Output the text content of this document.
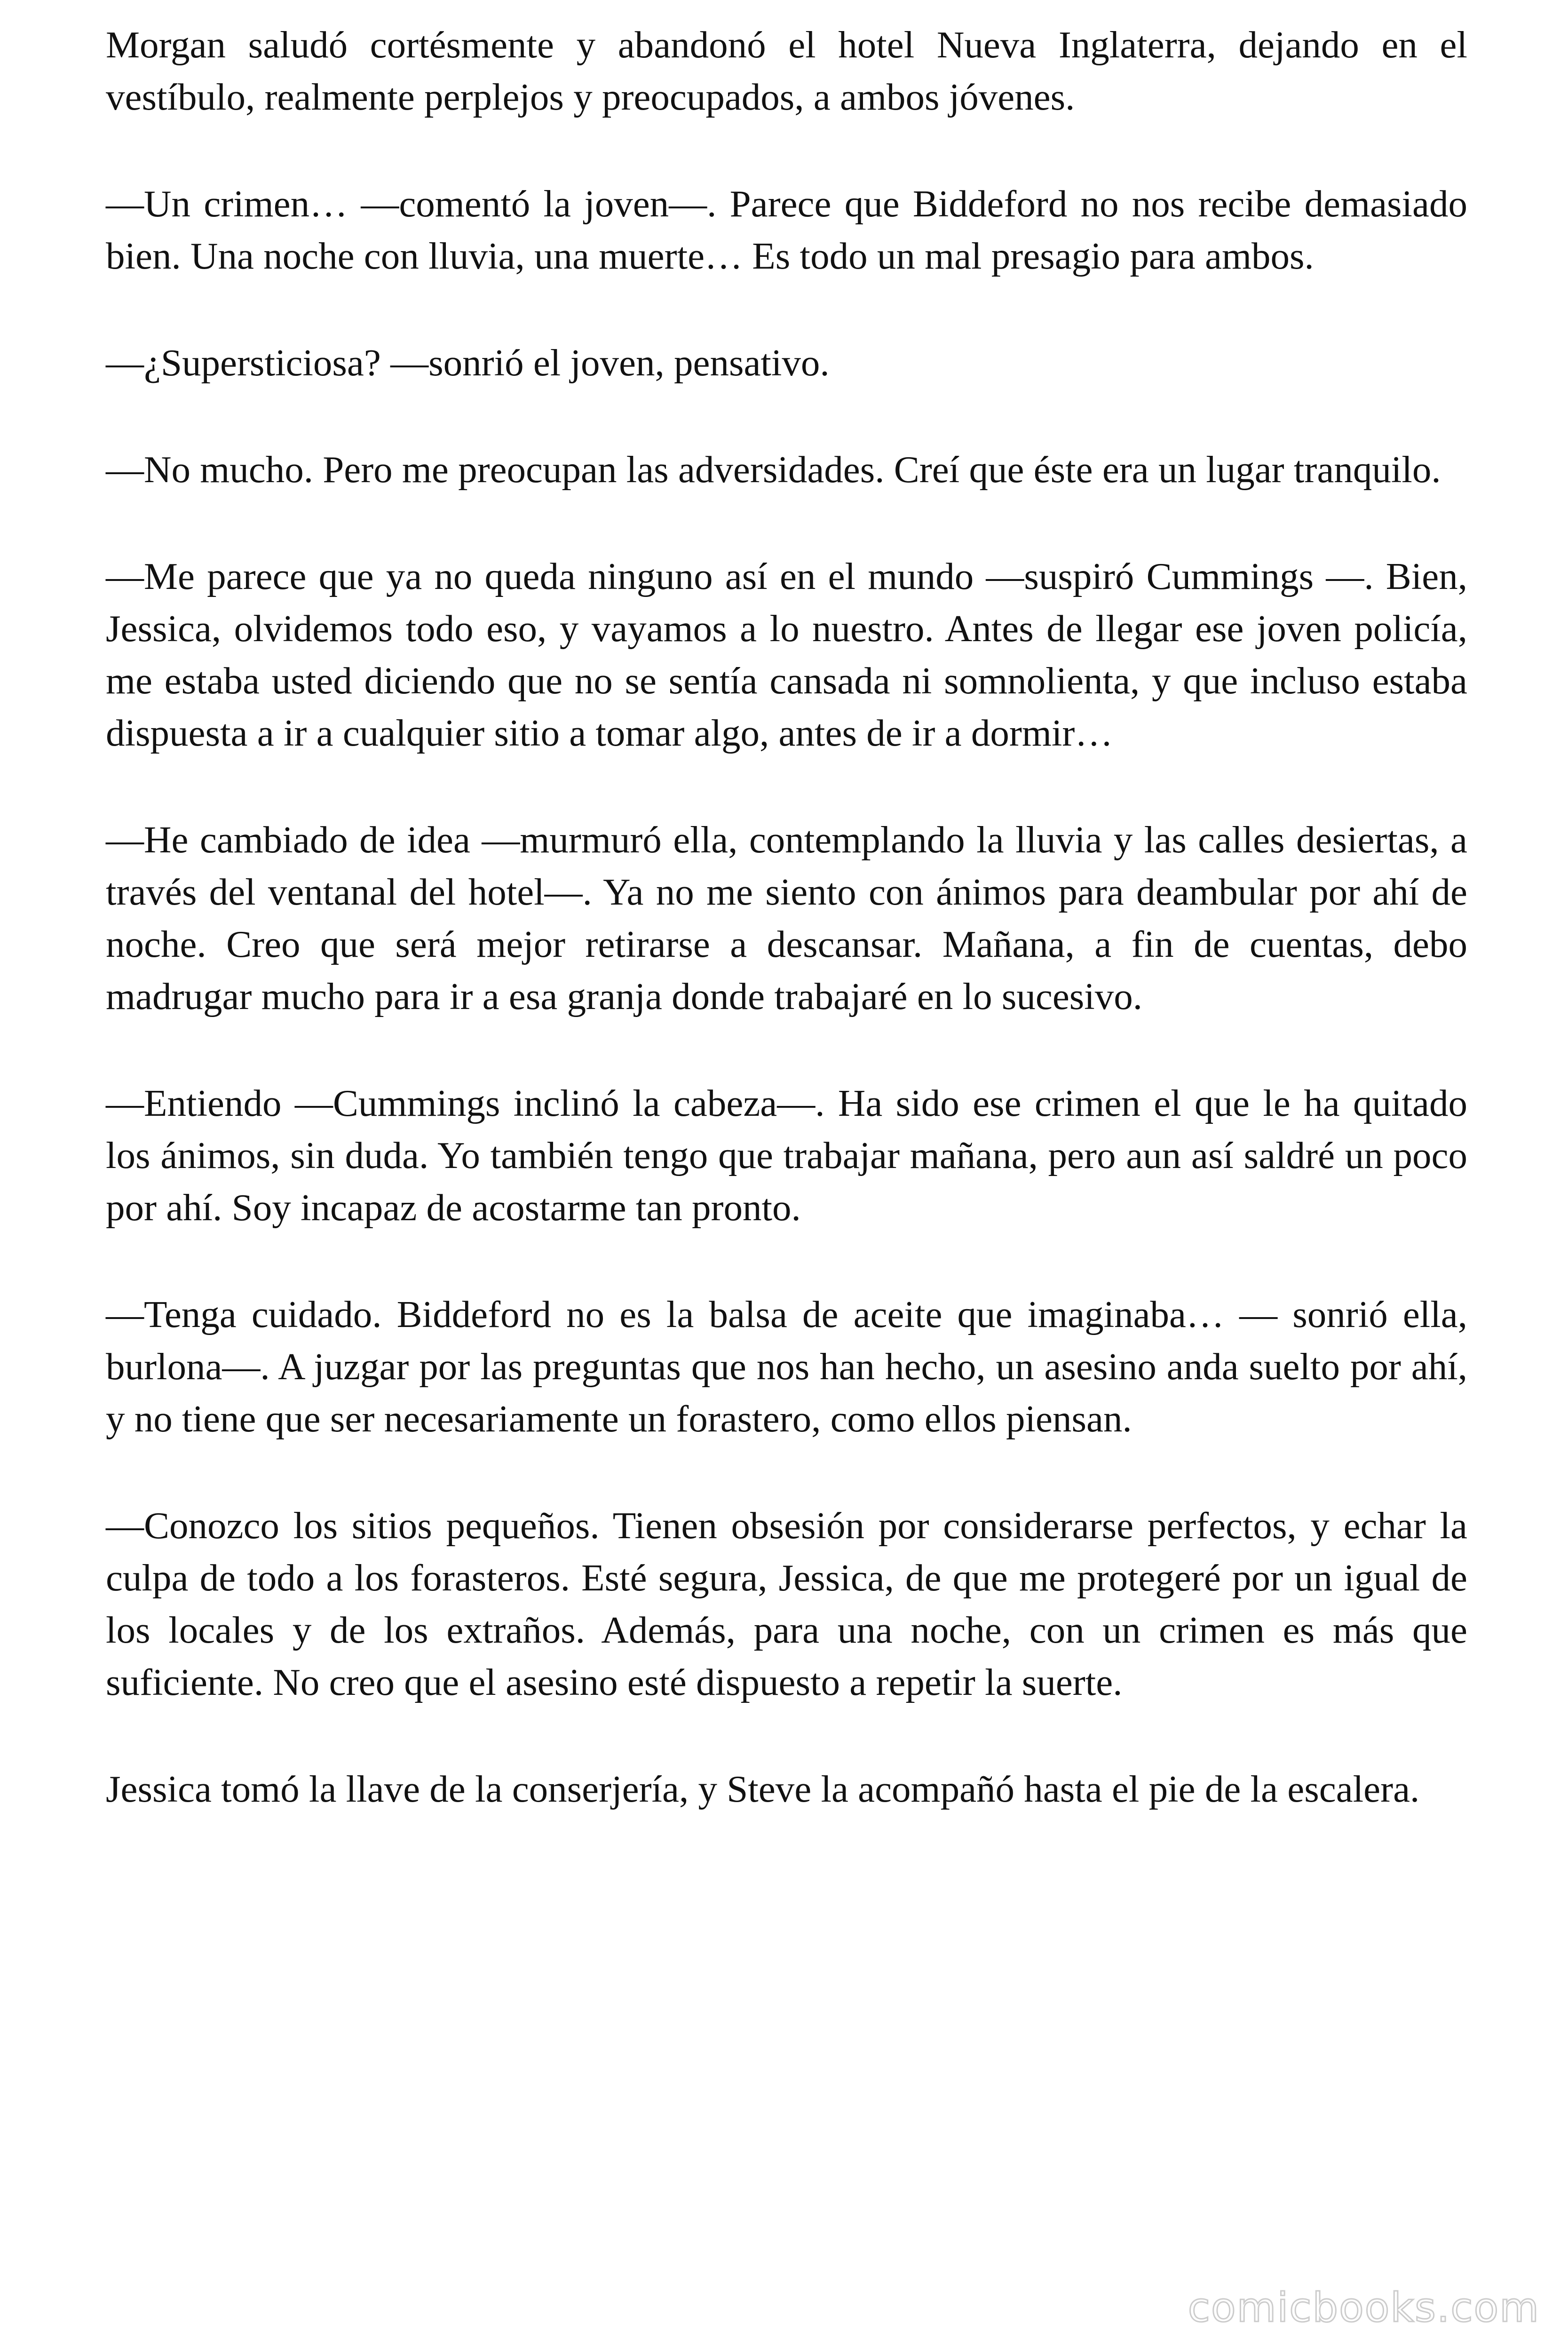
Morgan saludó cortésmente y abandonó el hotel Nueva Inglaterra, dejando en el vestíbulo, realmente perplejos y preocupados, a ambos jóvenes.

—Un crimen… —comentó la joven—. Parece que Biddeford no nos recibe demasiado bien. Una noche con lluvia, una muerte… Es todo un mal presagio para ambos.

—¿Supersticiosa? —sonrió el joven, pensativo.

—No mucho. Pero me preocupan las adversidades. Creí que éste era un lugar tranquilo.

—Me parece que ya no queda ninguno así en el mundo —suspiró Cummings —. Bien, Jessica, olvidemos todo eso, y vayamos a lo nuestro. Antes de llegar ese joven policía, me estaba usted diciendo que no se sentía cansada ni somnolienta, y que incluso estaba dispuesta a ir a cualquier sitio a tomar algo, antes de ir a dormir…

—He cambiado de idea —murmuró ella, contemplando la lluvia y las calles desiertas, a través del ventanal del hotel—. Ya no me siento con ánimos para deambular por ahí de noche. Creo que será mejor retirarse a descansar. Mañana, a fin de cuentas, debo madrugar mucho para ir a esa granja donde trabajaré en lo sucesivo.

—Entiendo —Cummings inclinó la cabeza—. Ha sido ese crimen el que le ha quitado los ánimos, sin duda. Yo también tengo que trabajar mañana, pero aun así saldré un poco por ahí. Soy incapaz de acostarme tan pronto.

—Tenga cuidado. Biddeford no es la balsa de aceite que imaginaba… — sonrió ella, burlona—. A juzgar por las preguntas que nos han hecho, un asesino anda suelto por ahí, y no tiene que ser necesariamente un forastero, como ellos piensan.

—Conozco los sitios pequeños. Tienen obsesión por considerarse perfectos, y echar la culpa de todo a los forasteros. Esté segura, Jessica, de que me protegeré por un igual de los locales y de los extraños. Además, para una noche, con un crimen es más que suficiente. No creo que el asesino esté dispuesto a repetir la suerte.

Jessica tomó la llave de la conserjería, y Steve la acompañó hasta el pie de la escalera.

comicbooks.com
